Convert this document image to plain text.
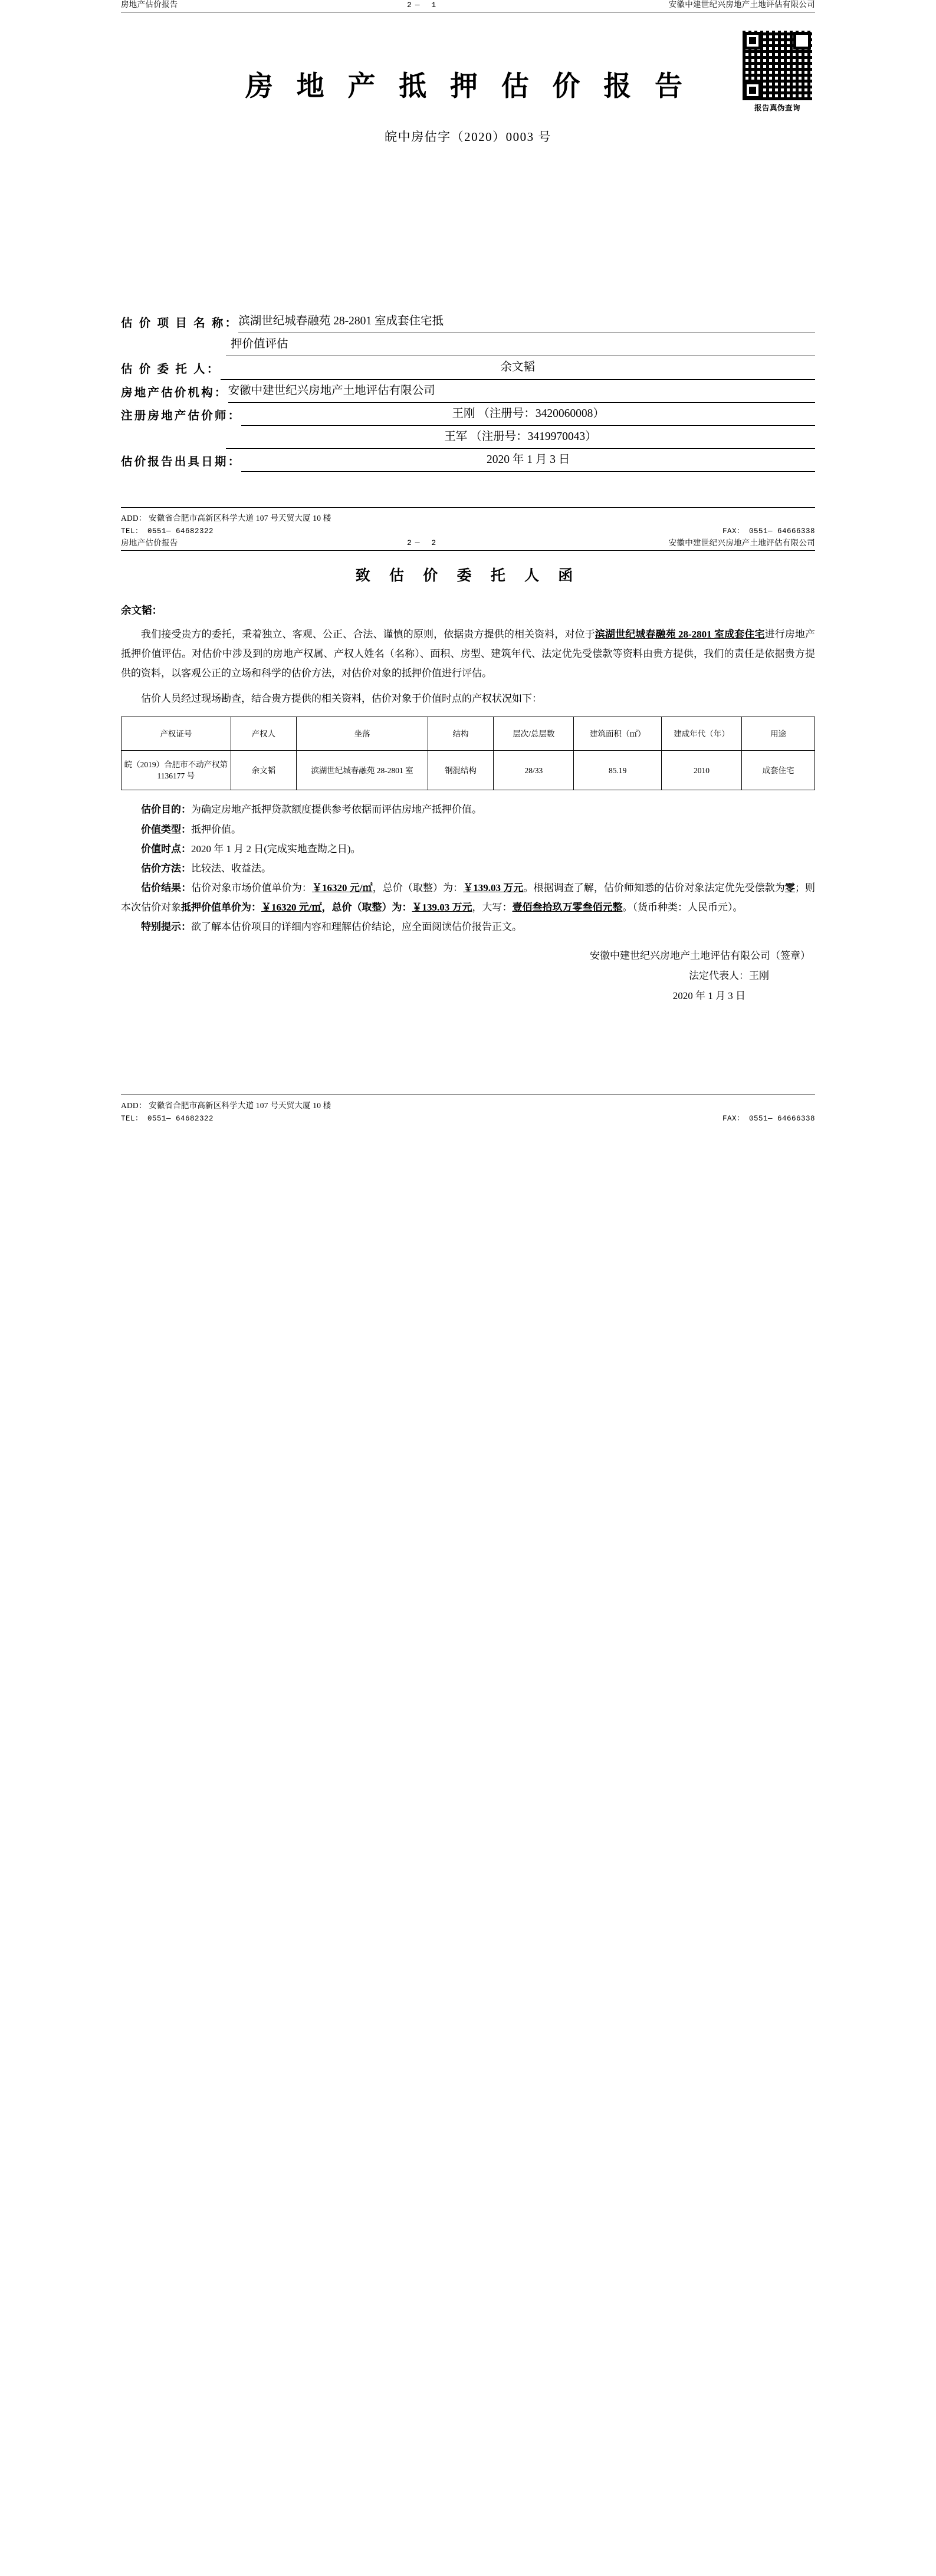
房地产估价报告	2— 1	安徽中建世纪兴房地产土地评估有限公司
报告真伪查询
房 地 产 抵 押 估 价 报 告
皖中房估字（2020）0003 号
估 价 项 目 名 称： 滨湖世纪城春融苑 28-2801 室成套住宅抵
押价值评估
估 价 委 托 人：	余文韬
房地产估价机构： 安徽中建世纪兴房地产土地评估有限公司
注册房地产估价师：	王刚 （注册号：3420060008）
王军 （注册号：3419970043）
估价报告出具日期：	2020 年 1 月 3 日
ADD： 安徽省合肥市高新区科学大道 107 号天贸大厦 10 楼
TEL： 0551— 64682322	FAX： 0551— 64666338
房地产估价报告	2— 2	安徽中建世纪兴房地产土地评估有限公司
致 估 价 委 托 人 函
余文韬：

我们接受贵方的委托，秉着独立、客观、公正、合法、谨慎的原则，依据贵方提供的相关资料，对位于滨湖世纪城春融苑 28-2801 室成套住宅进行房地产抵押价值评估。对估价中涉及到的房地产权属、产权人姓名（名称）、面积、房型、建筑年代、法定优先受偿款等资料由贵方提供，我们的责任是依据贵方提供的资料，以客观公正的立场和科学的估价方法，对估价对象的抵押价值进行评估。

估价人员经过现场勘查，结合贵方提供的相关资料，估价对象于价值时点的产权状况如下：

产权证号	产权人	坐落	结构	层次/总层数	建筑面积（㎡）	建成年代（年）	用途
皖（2019）合肥市不动产权第 1136177 号	余文韬	滨湖世纪城春融苑 28-2801 室	钢混结构	28/33	85.19	2010	成套住宅

估价目的：为确定房地产抵押贷款额度提供参考依据而评估房地产抵押价值。

价值类型：抵押价值。

价值时点：2020 年 1 月 2 日(完成实地查勘之日)。

估价方法：比较法、收益法。

估价结果：估价对象市场价值单价为：￥16320 元/㎡，总价（取整）为：￥139.03 万元。根据调查了解，估价师知悉的估价对象法定优先受偿款为零；则本次估价对象抵押价值单价为：￥16320 元/㎡，总价（取整）为：￥139.03 万元，大写：壹佰叁拾玖万零叁佰元整。（货币种类：人民币元）。

特别提示：欲了解本估价项目的详细内容和理解估价结论，应全面阅读估价报告正文。

安徽中建世纪兴房地产土地评估有限公司（签章）
法定代表人：王刚
2020 年 1 月 3 日
ADD： 安徽省合肥市高新区科学大道 107 号天贸大厦 10 楼
TEL： 0551— 64682322	FAX： 0551— 64666338
